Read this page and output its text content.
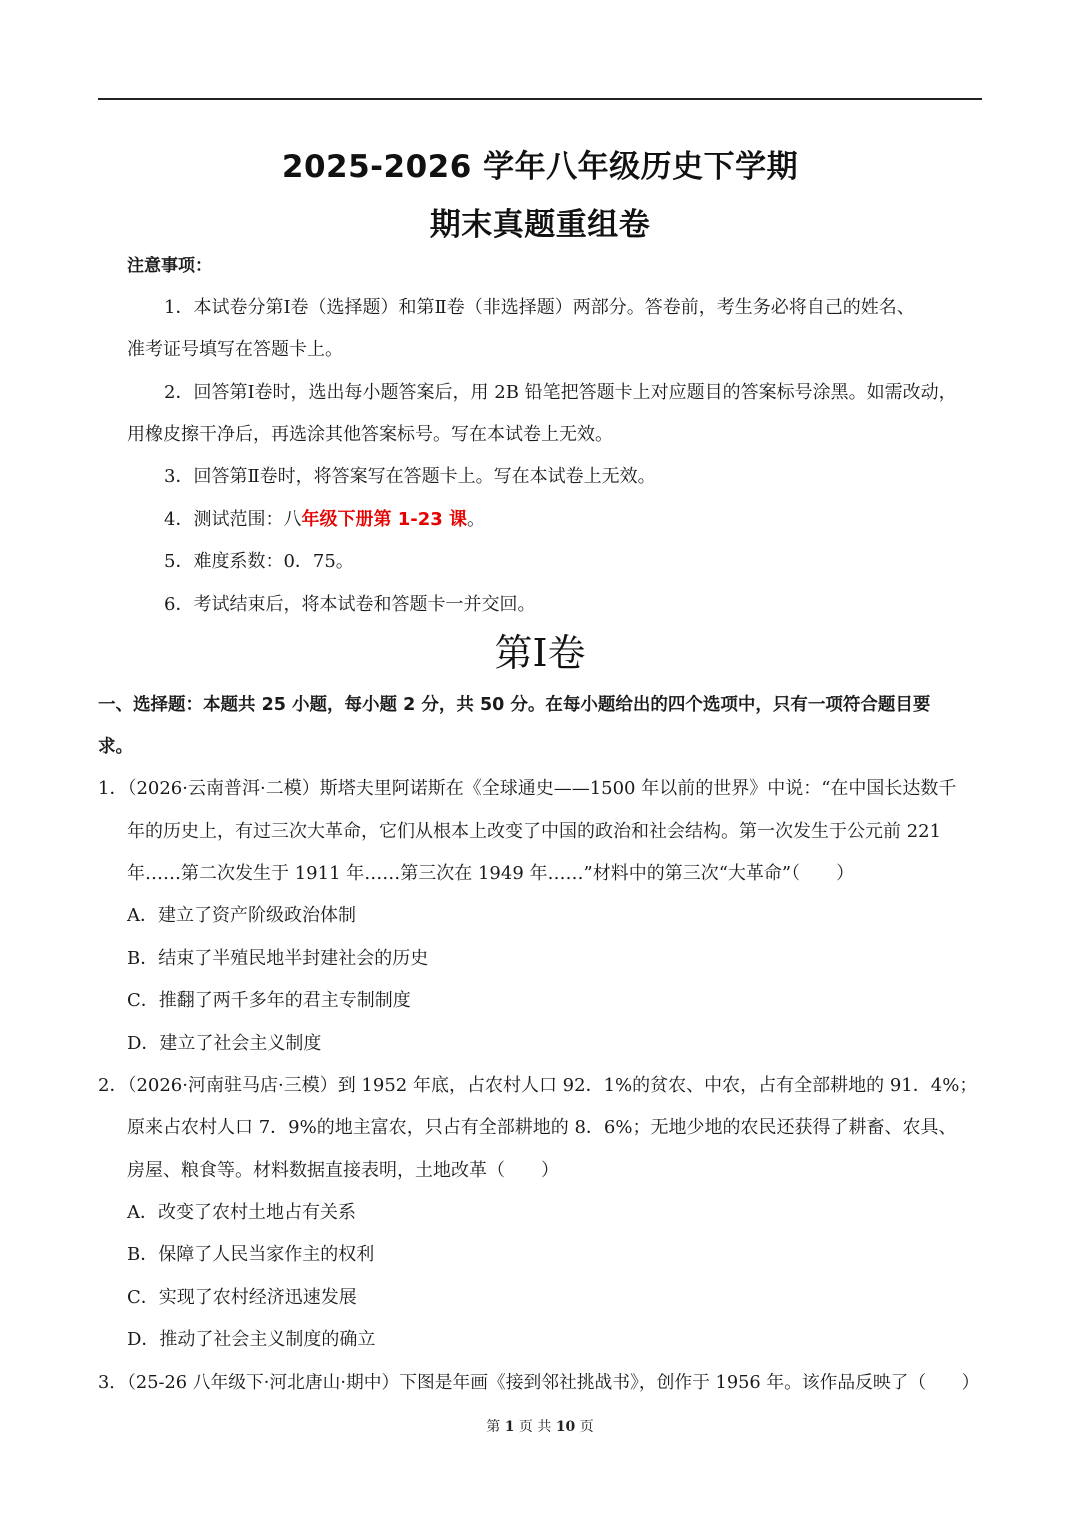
2025-2026 学年八年级历史下学期
期末真题重组卷
注意事项：
1．本试卷分第Ⅰ卷（选择题）和第Ⅱ卷（非选择题）两部分。答卷前，考生务必将自己的姓名、
准考证号填写在答题卡上。
2．回答第Ⅰ卷时，选出每小题答案后，用 2B 铅笔把答题卡上对应题目的答案标号涂黑。如需改动，
用橡皮擦干净后，再选涂其他答案标号。写在本试卷上无效。
3．回答第Ⅱ卷时，将答案写在答题卡上。写在本试卷上无效。
4．测试范围：八年级下册第 1-23 课。
5．难度系数：0．75。
6．考试结束后，将本试卷和答题卡一并交回。
第Ⅰ卷
一、选择题：本题共 25 小题，每小题 2 分，共 50 分。在每小题给出的四个选项中，只有一项符合题目要
求。
1．（2026·云南普洱·二模）斯塔夫里阿诺斯在《全球通史——1500 年以前的世界》中说：“在中国长达数千
年的历史上，有过三次大革命，它们从根本上改变了中国的政治和社会结构。第一次发生于公元前 221
年……第二次发生于 1911 年……第三次在 1949 年……”材料中的第三次“大革命”（　　）
A．建立了资产阶级政治体制
B．结束了半殖民地半封建社会的历史
C．推翻了两千多年的君主专制制度
D．建立了社会主义制度
2．（2026·河南驻马店·三模）到 1952 年底，占农村人口 92．1%的贫农、中农，占有全部耕地的 91．4%；
原来占农村人口 7．9%的地主富农，只占有全部耕地的 8．6%；无地少地的农民还获得了耕畜、农具、
房屋、粮食等。材料数据直接表明，土地改革（　　）
A．改变了农村土地占有关系
B．保障了人民当家作主的权利
C．实现了农村经济迅速发展
D．推动了社会主义制度的确立
3．（25-26 八年级下·河北唐山·期中）下图是年画《接到邻社挑战书》，创作于 1956 年。该作品反映了（　　）
第 1 页 共 10 页
